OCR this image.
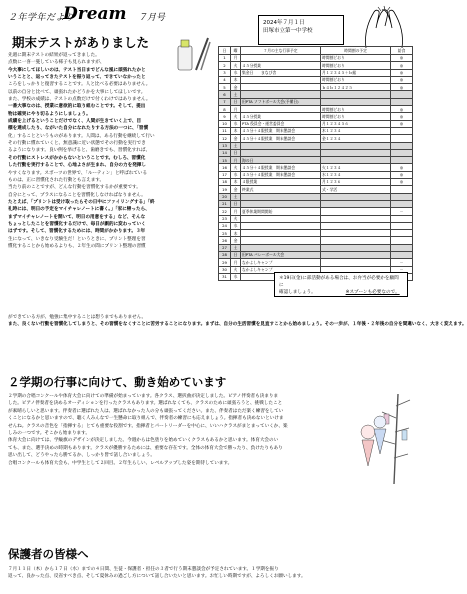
２年学年だより
Dream ７月号	2024年７月１日
田塚市立第一中学校
期末テストがありました
先週に期末テストの結果が返ってきました。
点数に一喜一憂している様子も見られますが、
今大事にしてほしいのは、テスト当日までどんな風に頑張れたかと
いうことと、返ってきたテストを振り返って、できていなかったと
ころをしっかりと復習することです。人と比べる必要はありません。
以前の自分と比べて、頑張れたかどうかを大事にしてほしいです。
また、学校の成績は、テストの点数だけで付くわけではありません。
一番大事なのは、授業に意欲的に取り組むことです。そして、提出
物は確実にやり切るようにしましょう。
成績を上げるということだけでなく、人間が生きていく上で、目
標を達成したり、ながいた自分になれたりする方法の一つに、「習慣
化」することというものがあります。人間は、ある行動を継続して行い
その行動に慣れていくと、無意識に近い状態でその行動を実行でき
るようになります。良い例を挙げると、歯磨きでも、習慣化すれば、
その行動にストレスがかからないということです。むしろ、習慣化
した行動を実行することで、心地よさが生まれ、自分の力を発揮し
やすくなります。スポーツの世界で、「ルーティン」と呼ばれている
ものは、正に習慣化された行動とも言えます。
当たり前のことですが、どんな行動を習慣化するかが重要です。
自分にとって、プラスになることを習慣化しなければなりません。
たとえば、「プリントは受け取ったらその日中にファイリングする」「終
礼時には、明日の予定をマイチャレノートに書く。」「家に帰ったら、
まずマイチャレノートを開いて、明日の用意をする」など、そんな
ちょっとしたことを習慣化するだけで、毎日が劇的に変わっていく
はずです。そして、習慣化するためには、時間がかかります。３年
生になって、いきなり受験生だ！というときに、プリント整理を習
慣化することから始めるよりも、２年生の間にプリント整理の習慣
ができている方が、勉強に集中することは想うまでもありません。
また、良くない行動を習慣化してしまうと、その習慣をなくすことに苦労することになります。まずは、自分の生活習慣を見直すことから始めましょう。その一歩が、１年後・２年後の自分を間違いなく、大きく変えます。
日	曜	７月の主な行事予定	時間割の予定	給食
1	月		時間割どおり	◎
2	火	４５分授業	時間割どおり	◎
3	水	集金日　　まなび舎	月１２３４５＋ｂ総	◎
4	木		時間割どおり	◎
5	金		ｂ４ｂ１２４２５	◎
6	土			
7	日	田PTA ソフトボール大会(予備日)		
8	月		時間割どおり	◎
9	火	４５分授業	時間割どおり	◎
10	水	PTA 役員会・運営委員会	月１２３４５６	◎
11	木	４５分＋４限授業　期末懇談会	木１２３４	
12	金	４５分＋４限授業　期末懇談会	金１２３４	
13	土			
14	日			
15	月	海の日		
16	火	４５分＋４限授業　期末懇談会	火１２３４	◎
17	水	４５分＋４限授業　期末懇談会	水１２３４	◎
18	木	４限授業	月１２３６	◎
19	金	終業式	式・学活	
20	土			
21	日			
22	月	夏季休業期間開始		－
23	火			
24	水			
25	木			
26	金			
27	土			
28	日	田PTA バレーボール大会		
29	月	なかよしキャンプ		－
30	火	なかよしキャンプ		－
31	水				＊19日(金)に部活動がある場合は、お弁当が必要かを顧問に
確認しましょう。　　　　　　　※スプーンも必要なので。
２学期の行事に向けて、動き始めています
２学期の合唱コンクールや体育大会に向けての準備が始まっています。各クラス、選択曲が決定しました。ピアノ伴奏者も決まりま
した。ピアノ伴奏者を決めるオーディションを行ったクラスもあります。選ばれなくても、クラスのために頑張ろうと、挑戦したこと
が素晴らしいと思います。伴奏者に選ばれた人は、選ばれなかった人の分も頑張ってください。また、伴奏者はただ楽く練習をしてい
くことになるかと思いますので、聴く人みんなで一生懸命に取り組んで、伴奏者の練習にも応えましょう。指揮者も決めないといけま
せんね。クラスの音色を「指揮する」とても重要な役割です。指揮者とパートリーダーを中心に、いいハクラスがまとまっていくか、楽
しみの一つです。そこから始まります。
体育大会に向けては、学級旗のデザインが決定しました。今週からは色塗りを始めていくクラスもあるかと思います。体育大会のい
ても、また、選手決めの時期もあります。クラスが優勝するためには、重要な存在です。全体の体育大会で勝ったり、負けたりもあり
思い出して、どうやったら勝てるか、しっかり皆で話し合いましょう。
合唱コンクールも体育大会も、中学生として２回目。２年生らしい、レベルアップした姿を期待しています。
保護者の皆様へ
７月１１日（木）から１７日（水）までの４日間、生徒・保護者・担任の３者で行う期末懇談会が予定されています。１学期を振り
返って、良かった点、反省すべき点、そして夏休みの過ごし方について話し合いたいと思います。お忙しい時期ですが、よろしくお願いします。
